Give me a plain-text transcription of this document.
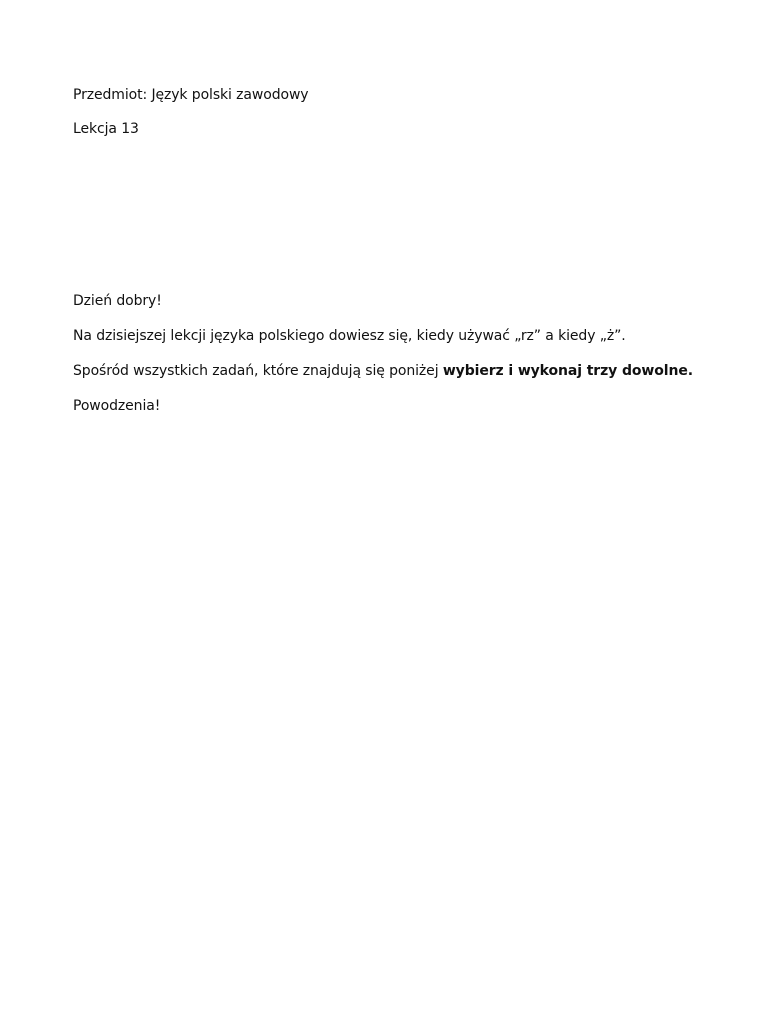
Przedmiot: Język polski zawodowy

Lekcja 13

Dzień dobry!

Na dzisiejszej lekcji języka polskiego dowiesz się, kiedy używać „rz” a kiedy „ż”.

Spośród wszystkich zadań, które znajdują się poniżej wybierz i wykonaj trzy dowolne.

Powodzenia!
